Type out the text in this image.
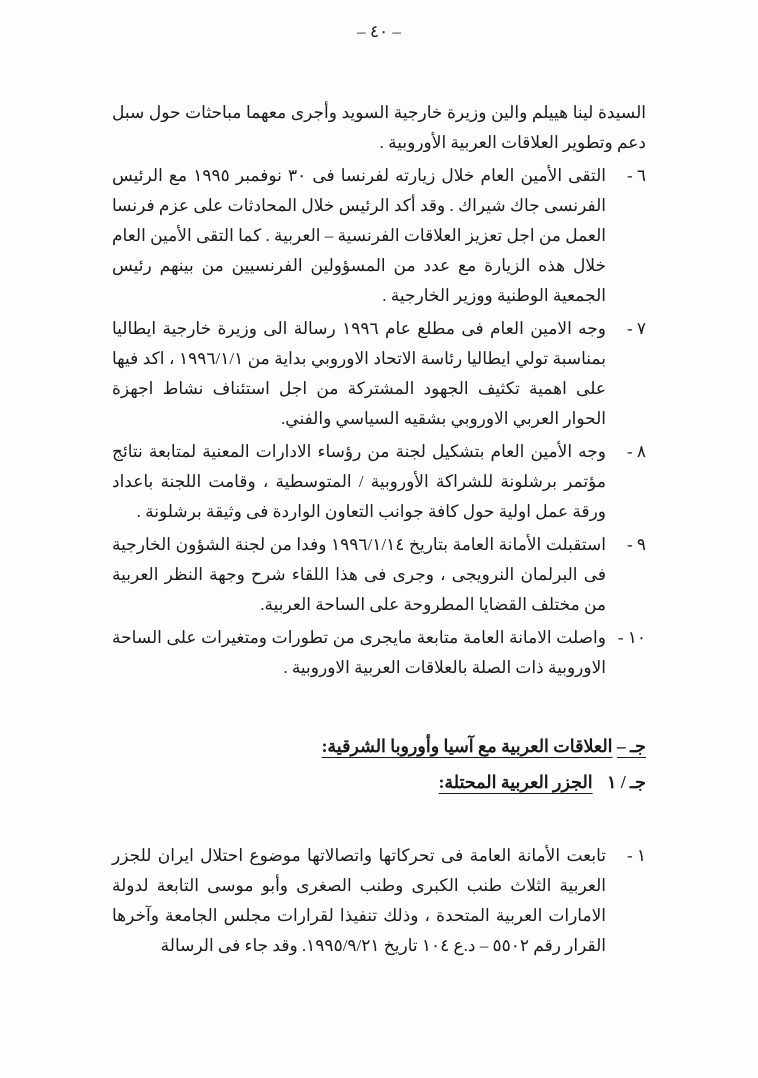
– ٤٠ –

السيدة لينا هييلم والين وزيرة خارجية السويد وأجرى معهما مباحثات حول سبل دعم وتطوير العلاقات العربية الأوروبية .

٦ -
التقى الأمين العام خلال زيارته لفرنسا فى ٣٠ نوفمبر ١٩٩٥ مع الرئيس الفرنسى جاك شيراك . وقد أكد الرئيس خلال المحادثات على عزم فرنسا العمل من اجل تعزيز العلاقات الفرنسية – العربية . كما التقى الأمين العام خلال هذه الزيارة مع عدد من المسؤولين الفرنسيين من بينهم رئيس الجمعية الوطنية ووزير الخارجية .
٧ -
وجه الامين العام فى مطلع عام ١٩٩٦ رسالة الى وزيرة خارجية ايطاليا بمناسبة تولي ايطاليا رئاسة الاتحاد الاوروبي بداية من ١٩٩٦/١/١ ، اكد فيها على اهمية تكثيف الجهود المشتركة من اجل استئناف نشاط اجهزة الحوار العربي الاوروبي بشقيه السياسي والفني.
٨ -
وجه الأمين العام بتشكيل لجنة من رؤساء الادارات المعنية لمتابعة نتائج مؤتمر برشلونة للشراكة الأوروبية / المتوسطية ، وقامت اللجنة باعداد ورقة عمل اولية حول كافة جوانب التعاون الواردة فى وثيقة برشلونة .
٩ -
استقبلت الأمانة العامة بتاريخ ١٩٩٦/١/١٤ وفدا من لجنة الشؤون الخارجية فى البرلمان النرويجى ، وجرى فى هذا اللقاء شرح وجهة النظر العربية من مختلف القضايا المطروحة على الساحة العربية.
١٠ -
واصلت الامانة العامة متابعة مايجرى من تطورات ومتغيرات على الساحة الاوروبية ذات الصلة بالعلاقات العربية الاوروبية .
جـ – العلاقات العربية مع آسيا وأوروبا الشرقية:
جـ / ١ الجزر العربية المحتلة:
١ -
تابعت الأمانة العامة فى تحركاتها واتصالاتها موضوع احتلال ايران للجزر العربية الثلاث طنب الكبرى وطنب الصغرى وأبو موسى التابعة لدولة الامارات العربية المتحدة ، وذلك تنفيذا لقرارات مجلس الجامعة وآخرها القرار رقم ٥٥٠٢ – د.ع ١٠٤ تاريخ ١٩٩٥/٩/٢١. وقد جاء فى الرسالة
